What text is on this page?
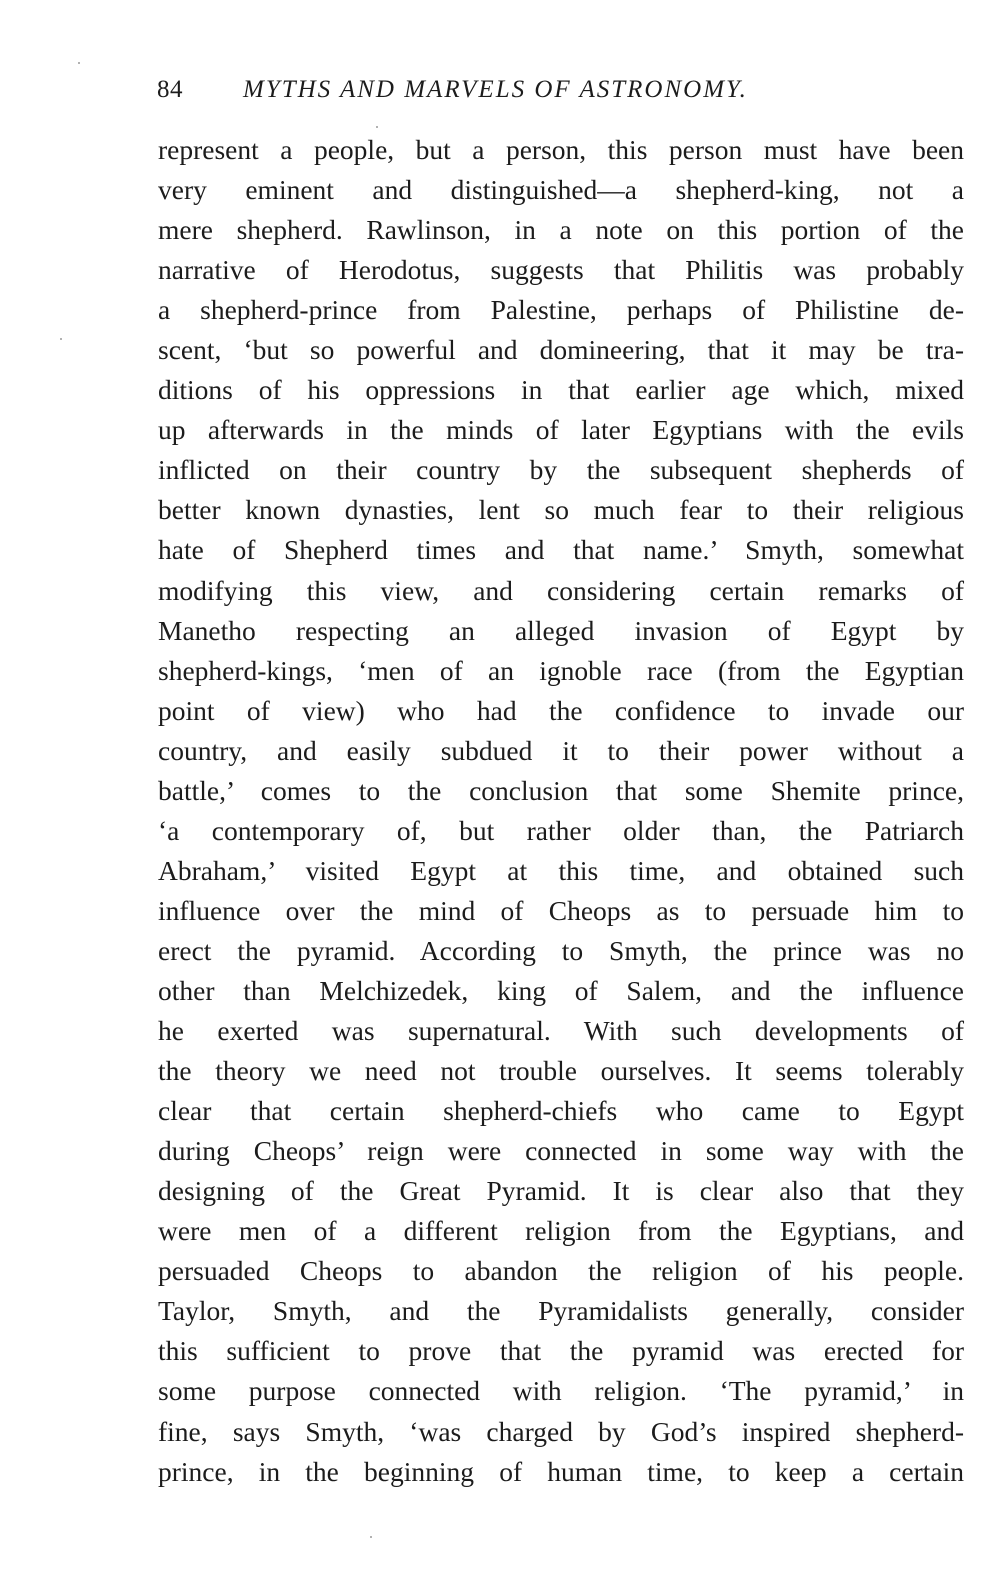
84 MYTHS AND MARVELS OF ASTRONOMY.
represent a people, but a person, this person must have been
very eminent and distinguished—a shepherd-king, not a
mere shepherd. Rawlinson, in a note on this portion of the
narrative of Herodotus, suggests that Philitis was probably
a shepherd-prince from Palestine, perhaps of Philistine de-
scent, ‘but so powerful and domineering, that it may be tra-
ditions of his oppressions in that earlier age which, mixed
up afterwards in the minds of later Egyptians with the evils
inflicted on their country by the subsequent shepherds of
better known dynasties, lent so much fear to their religious
hate of Shepherd times and that name.’ Smyth, somewhat
modifying this view, and considering certain remarks of
Manetho respecting an alleged invasion of Egypt by
shepherd-kings, ‘men of an ignoble race (from the Egyptian
point of view) who had the confidence to invade our
country, and easily subdued it to their power without a
battle,’ comes to the conclusion that some Shemite prince,
‘a contemporary of, but rather older than, the Patriarch
Abraham,’ visited Egypt at this time, and obtained such
influence over the mind of Cheops as to persuade him to
erect the pyramid. According to Smyth, the prince was no
other than Melchizedek, king of Salem, and the influence
he exerted was supernatural. With such developments of
the theory we need not trouble ourselves. It seems tolerably
clear that certain shepherd-chiefs who came to Egypt
during Cheops’ reign were connected in some way with the
designing of the Great Pyramid. It is clear also that they
were men of a different religion from the Egyptians, and
persuaded Cheops to abandon the religion of his people.
Taylor, Smyth, and the Pyramidalists generally, consider
this sufficient to prove that the pyramid was erected for
some purpose connected with religion. ‘The pyramid,’ in
fine, says Smyth, ‘was charged by God’s inspired shepherd-
prince, in the beginning of human time, to keep a certain
